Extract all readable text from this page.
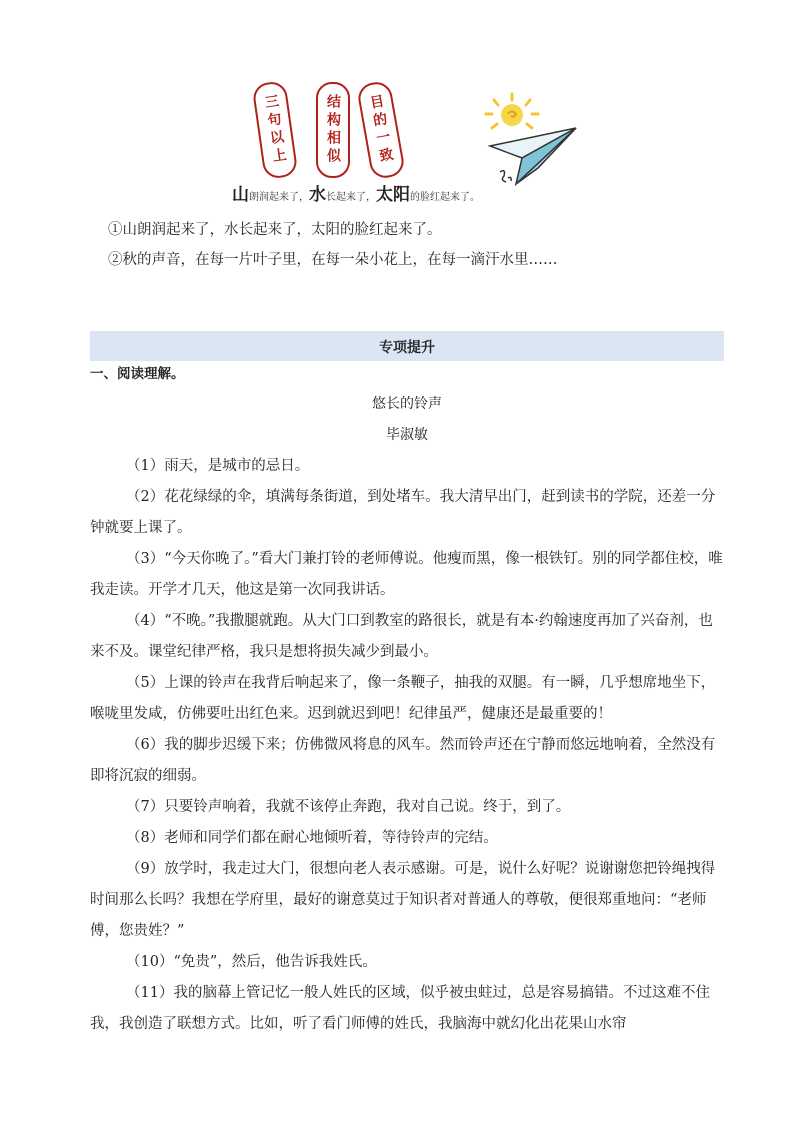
三句以上	结构相似 目的一致
山朗润起来了，水长起来了，太阳的脸红起来了。
①山朗润起来了，水长起来了，太阳的脸红起来了。
②秋的声音，在每一片叶子里，在每一朵小花上，在每一滴汗水里……
专项提升
一、阅读理解。
悠长的铃声
毕淑敏

（1）雨天，是城市的忌日。

（2）花花绿绿的伞，填满每条街道，到处堵车。我大清早出门，赶到读书的学院，还差一分钟就要上课了。

（3）“今天你晚了。”看大门兼打铃的老师傅说。他瘦而黑，像一根铁钉。别的同学都住校，唯我走读。开学才几天，他这是第一次同我讲话。

（4）“不晚。”我撒腿就跑。从大门口到教室的路很长，就是有本·约翰速度再加了兴奋剂，也来不及。课堂纪律严格，我只是想将损失减少到最小。

（5）上课的铃声在我背后响起来了，像一条鞭子，抽我的双腿。有一瞬，几乎想席地坐下，喉咙里发咸，仿佛要吐出红色来。迟到就迟到吧！纪律虽严，健康还是最重要的！

（6）我的脚步迟缓下来；仿佛微风将息的风车。然而铃声还在宁静而悠远地响着，全然没有即将沉寂的细弱。

（7）只要铃声响着，我就不该停止奔跑，我对自己说。终于，到了。

（8）老师和同学们都在耐心地倾听着，等待铃声的完结。

（9）放学时，我走过大门，很想向老人表示感谢。可是，说什么好呢？说谢谢您把铃绳拽得时间那么长吗？我想在学府里，最好的谢意莫过于知识者对普通人的尊敬，便很郑重地问：“老师傅，您贵姓？”

（10）“免贵”，然后，他告诉我姓氏。

（11）我的脑幕上管记忆一般人姓氏的区域，似乎被虫蛀过，总是容易搞错。不过这难不住我，我创造了联想方式。比如，听了看门师傅的姓氏，我脑海中就幻化出花果山水帘
